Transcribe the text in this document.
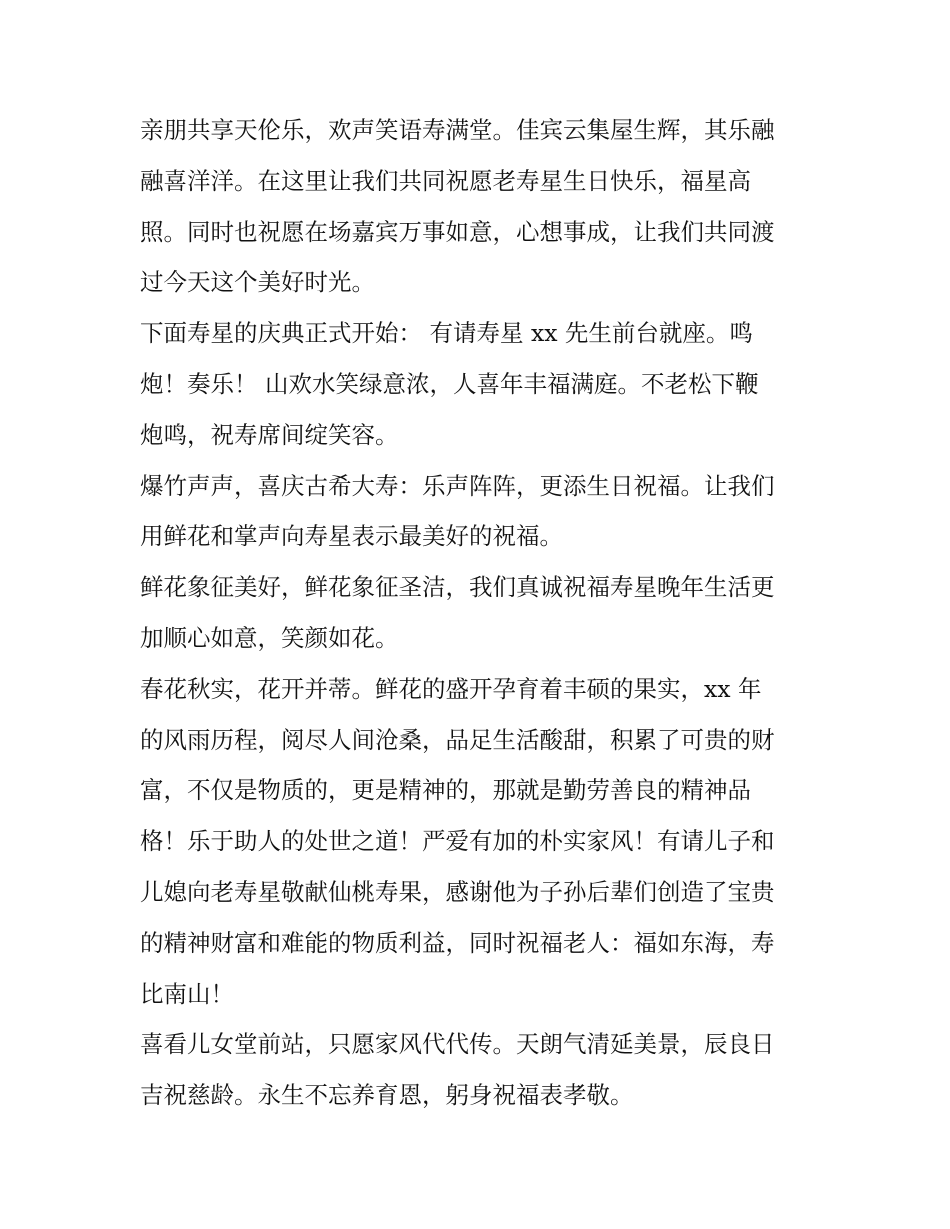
亲朋共享天伦乐，欢声笑语寿满堂。佳宾云集屋生辉，其乐融
融喜洋洋。在这里让我们共同祝愿老寿星生日快乐，福星高
照。同时也祝愿在场嘉宾万事如意，心想事成，让我们共同渡
过今天这个美好时光。
下面寿星的庆典正式开始： 有请寿星 xx 先生前台就座。鸣
炮！奏乐！ 山欢水笑绿意浓，人喜年丰福满庭。不老松下鞭
炮鸣，祝寿席间绽笑容。
爆竹声声，喜庆古希大寿：乐声阵阵，更添生日祝福。让我们
用鲜花和掌声向寿星表示最美好的祝福。
鲜花象征美好，鲜花象征圣洁，我们真诚祝福寿星晚年生活更
加顺心如意，笑颜如花。
春花秋实，花开并蒂。鲜花的盛开孕育着丰硕的果实，xx 年
的风雨历程，阅尽人间沧桑，品足生活酸甜，积累了可贵的财
富，不仅是物质的，更是精神的，那就是勤劳善良的精神品
格！乐于助人的处世之道！严爱有加的朴实家风！有请儿子和
儿媳向老寿星敬献仙桃寿果，感谢他为子孙后辈们创造了宝贵
的精神财富和难能的物质利益，同时祝福老人：福如东海，寿
比南山！
喜看儿女堂前站，只愿家风代代传。天朗气清延美景，辰良日
吉祝慈龄。永生不忘养育恩，躬身祝福表孝敬。
